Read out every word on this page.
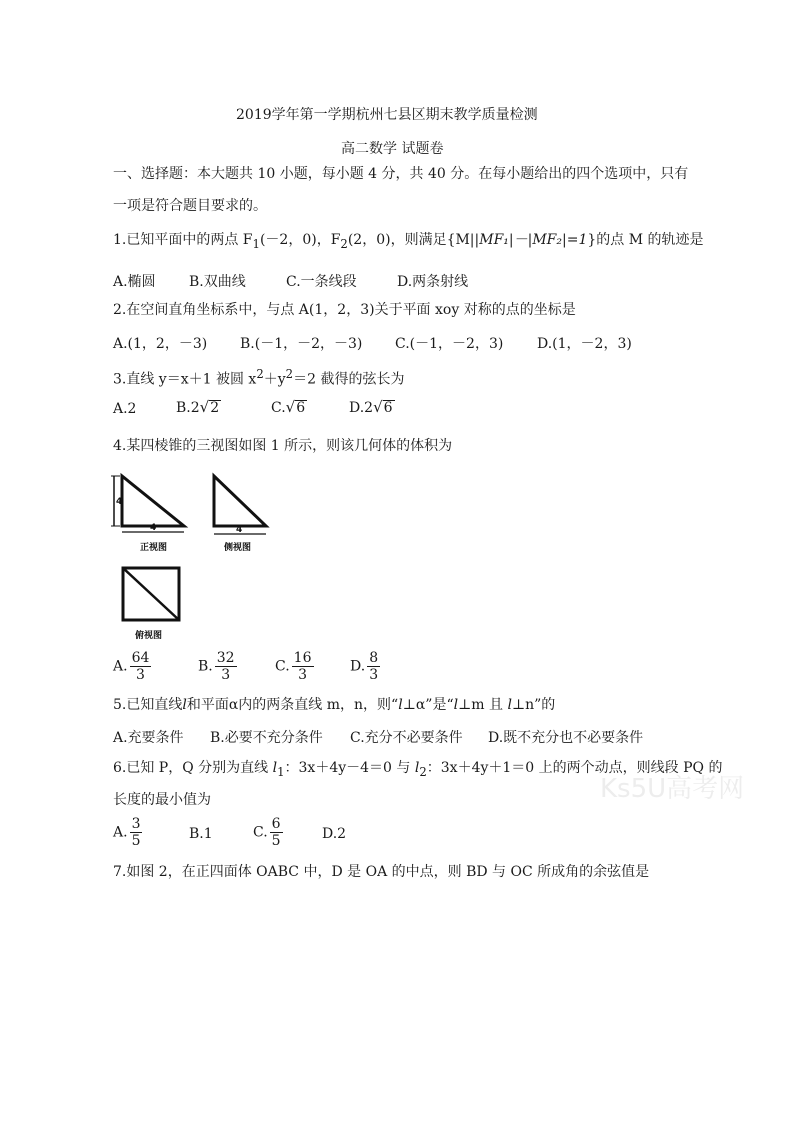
2019学年第一学期杭州七县区期末教学质量检测
高二数学 试题卷
一、选择题：本大题共 10 小题，每小题 4 分，共 40 分。在每小题给出的四个选项中，只有
一项是符合题目要求的。
1.已知平面中的两点 $F_1(-2$，0)，$F_2(2$，0)，则满足{M||MF₁|－|MF₂|=1}的点 M 的轨迹是
A.椭圆 B.双曲线	C.一条线段	D.两条射线
2.在空间直角坐标系中，与点 A(1，2，3)关于平面 xoy 对称的点的坐标是
A.(1，2，－3) B.(－1，－2，－3) C.(－1，－2，3) D.(1，－2，3)
3.直线 y＝x＋1 被圆 $x^2+y^2=2$ 截得的弦长为
A.2	B.2√2	C.√6	D.2√6
4.某四棱锥的三视图如图 1 所示，则该几何体的体积为
4
4
正视图
4
侧视图
俯视图
A. $\frac{64}{3}$	B. $\frac{32}{3}$	C. $\frac{16}{3}$	D. $\frac{8}{3}$
5.已知直线l和平面α内的两条直线 m，n，则“l⊥α”是“l⊥m 且 l⊥n”的
A.充要条件 B.必要不充分条件 C.充分不必要条件 D.既不充分也不必要条件
6.已知 P，Q 分别为直线 $l_1$：3x＋4y－4＝0 与 $l_2$：3x＋4y＋1＝0 上的两个动点，则线段 PQ 的
长度的最小值为
A. $\frac{3}{5}$	B.1	C. $\frac{6}{5}$	D.2
7.如图 2，在正四面体 OABC 中，D 是 OA 的中点，则 BD 与 OC 所成角的余弦值是
Ks5U高考网
